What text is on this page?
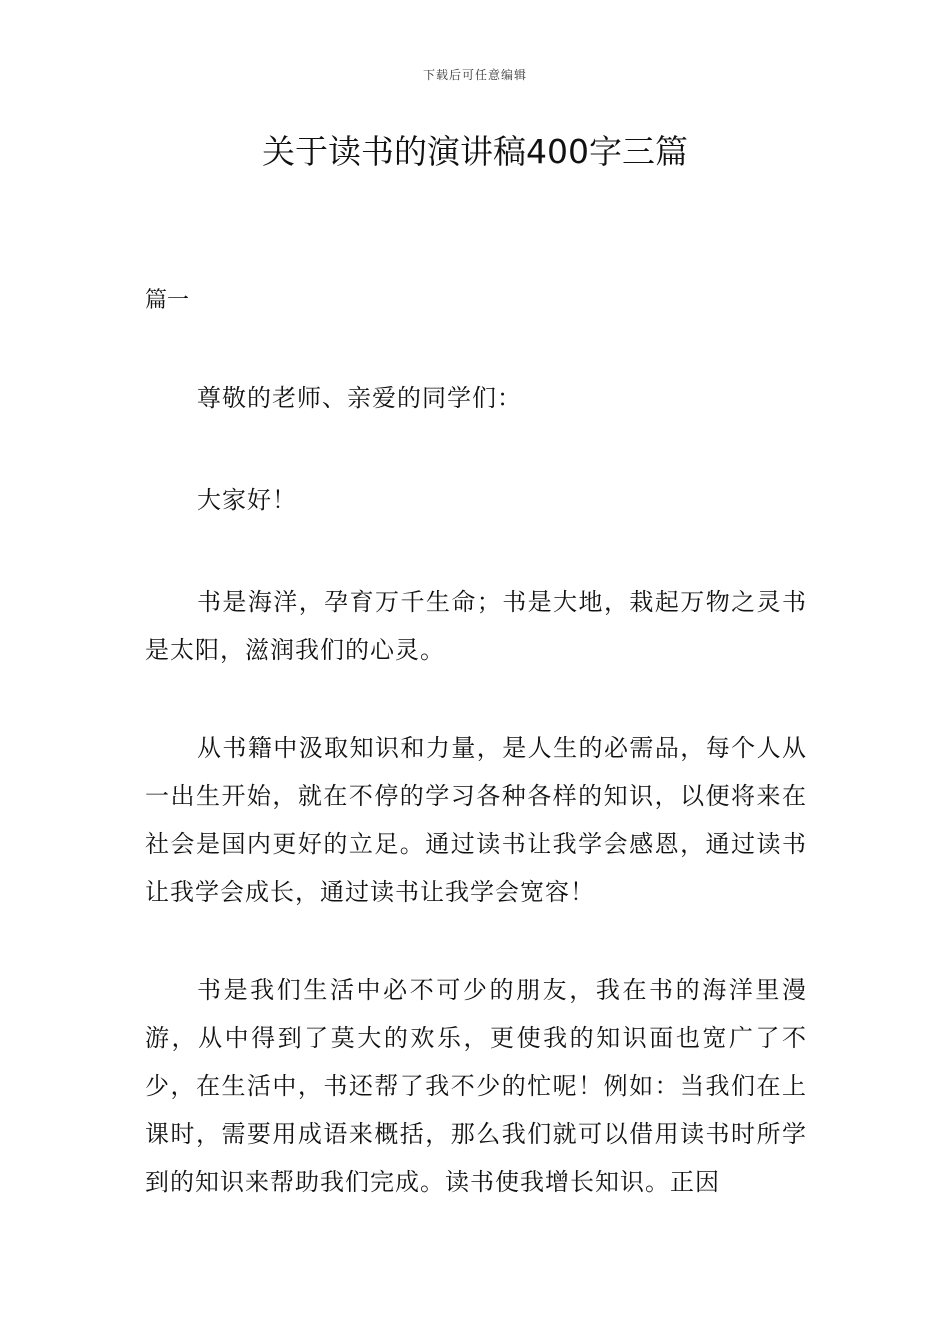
下载后可任意编辑
关于读书的演讲稿400字三篇
篇一

尊敬的老师、亲爱的同学们：

大家好！

书是海洋，孕育万千生命；书是大地，栽起万物之灵书是太阳，滋润我们的心灵。

从书籍中汲取知识和力量，是人生的必需品，每个人从一出生开始，就在不停的学习各种各样的知识，以便将来在社会是国内更好的立足。通过读书让我学会感恩，通过读书让我学会成长，通过读书让我学会宽容！

书是我们生活中必不可少的朋友，我在书的海洋里漫游，从中得到了莫大的欢乐，更使我的知识面也宽广了不少，在生活中，书还帮了我不少的忙呢！例如：当我们在上课时，需要用成语来概括，那么我们就可以借用读书时所学到的知识来帮助我们完成。读书使我增长知识。正因
